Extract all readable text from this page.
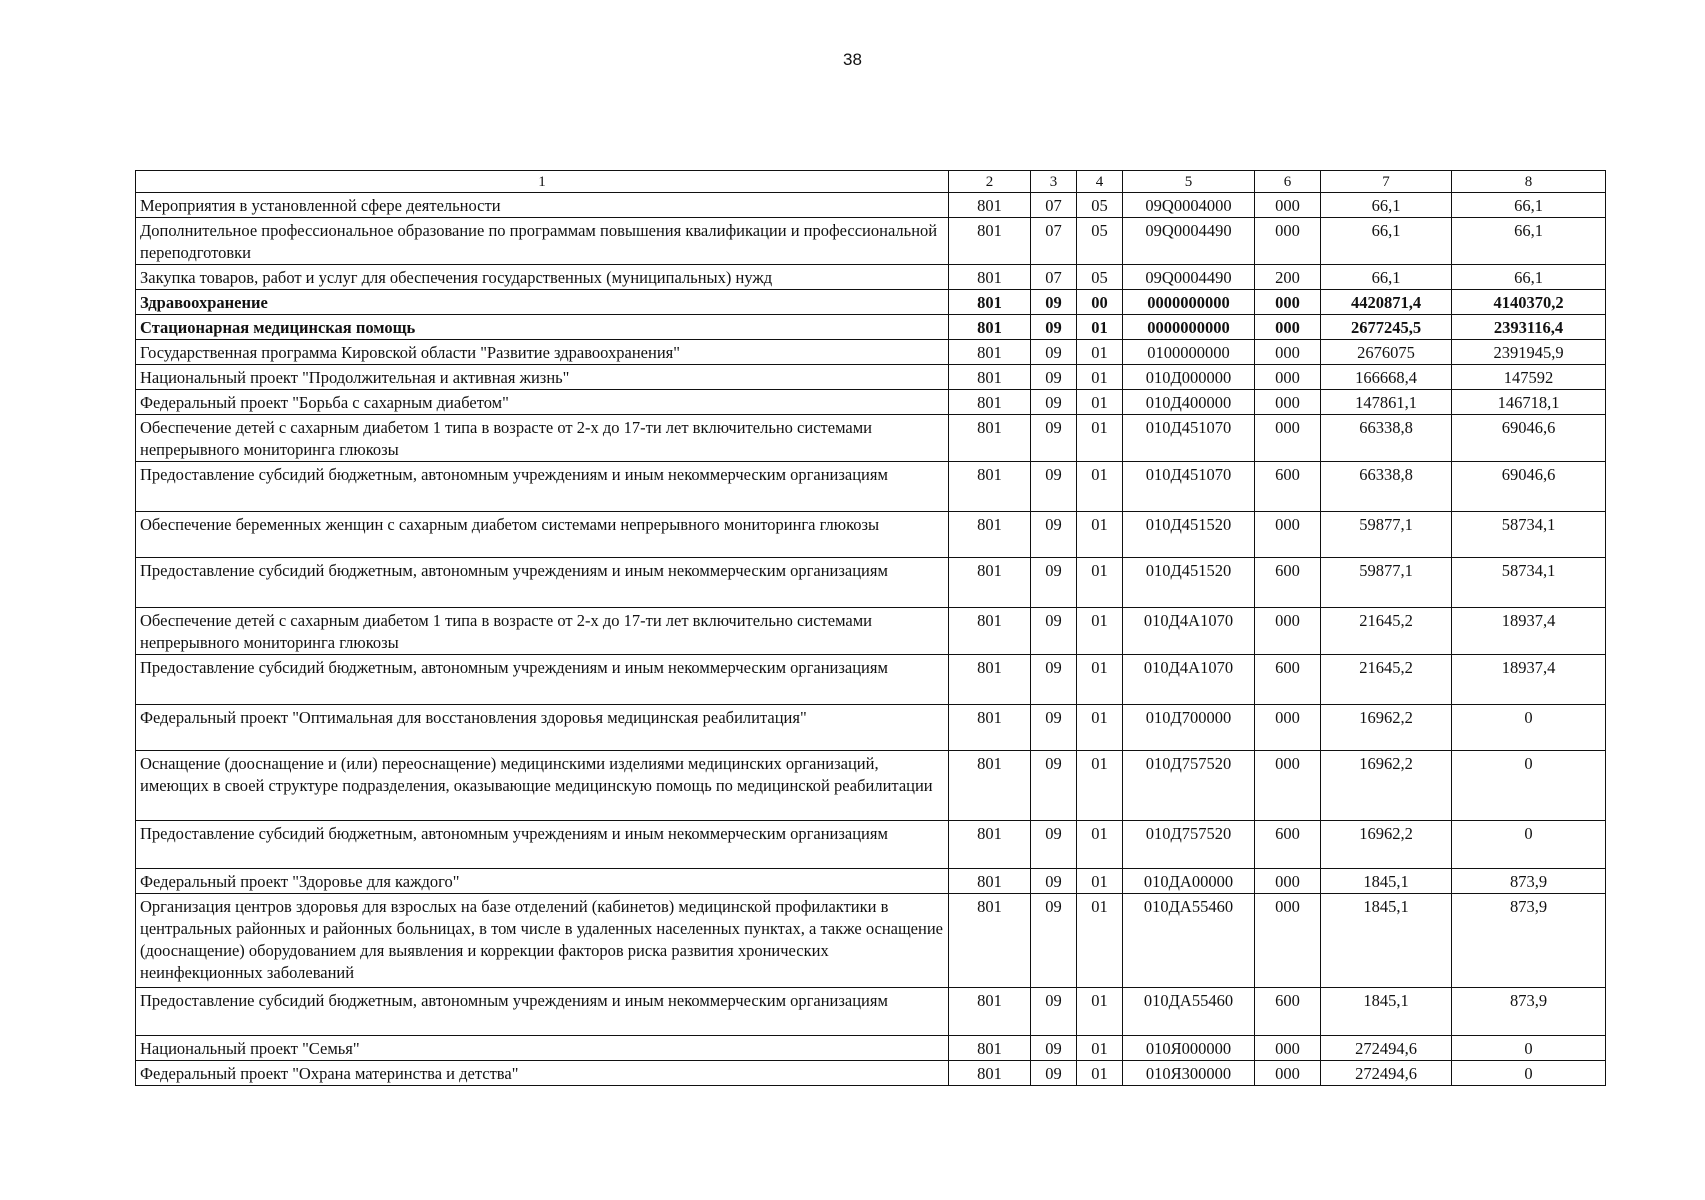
38
1	2	3	4	5	6	7	8
Мероприятия в установленной сфере деятельности	801	07	05	09Q0004000	000	66,1	66,1
Дополнительное профессиональное образование по программам повышения квалификации и профессиональной переподготовки	801	07	05	09Q0004490	000	66,1	66,1
Закупка товаров, работ и услуг для обеспечения государственных (муниципальных) нужд	801	07	05	09Q0004490	200	66,1	66,1
Здравоохранение	801	09	00	0000000000	000	4420871,4	4140370,2
Стационарная медицинская помощь	801	09	01	0000000000	000	2677245,5	2393116,4
Государственная программа Кировской области "Развитие здравоохранения"	801	09	01	0100000000	000	2676075	2391945,9
Национальный проект "Продолжительная и активная жизнь"	801	09	01	010Д000000	000	166668,4	147592
Федеральный проект "Борьба с сахарным диабетом"	801	09	01	010Д400000	000	147861,1	146718,1
Обеспечение детей с сахарным диабетом 1 типа в возрасте от 2-х до 17-ти лет включительно системами непрерывного мониторинга глюкозы	801	09	01	010Д451070	000	66338,8	69046,6
Предоставление субсидий бюджетным, автономным учреждениям и иным некоммерческим организациям	801	09	01	010Д451070	600	66338,8	69046,6
Обеспечение беременных женщин с сахарным диабетом системами непрерывного мониторинга глюкозы	801	09	01	010Д451520	000	59877,1	58734,1
Предоставление субсидий бюджетным, автономным учреждениям и иным некоммерческим организациям	801	09	01	010Д451520	600	59877,1	58734,1
Обеспечение детей с сахарным диабетом 1 типа в возрасте от 2-х до 17-ти лет включительно системами непрерывного мониторинга глюкозы	801	09	01	010Д4А1070	000	21645,2	18937,4
Предоставление субсидий бюджетным, автономным учреждениям и иным некоммерческим организациям	801	09	01	010Д4А1070	600	21645,2	18937,4
Федеральный проект "Оптимальная для восстановления здоровья медицинская реабилитация"	801	09	01	010Д700000	000	16962,2	0
Оснащение (дооснащение и (или) переоснащение) медицинскими изделиями медицинских организаций, имеющих в своей структуре подразделения, оказывающие медицинскую помощь по медицинской реабилитации	801	09	01	010Д757520	000	16962,2	0
Предоставление субсидий бюджетным, автономным учреждениям и иным некоммерческим организациям	801	09	01	010Д757520	600	16962,2	0
Федеральный проект "Здоровье для каждого"	801	09	01	010ДА00000	000	1845,1	873,9
Организация центров здоровья для взрослых на базе отделений (кабинетов) медицинской профилактики в центральных районных и районных больницах, в том числе в удаленных населенных пунктах, а также оснащение (дооснащение) оборудованием для выявления и коррекции факторов риска развития хронических неинфекционных заболеваний	801	09	01	010ДА55460	000	1845,1	873,9
Предоставление субсидий бюджетным, автономным учреждениям и иным некоммерческим организациям	801	09	01	010ДА55460	600	1845,1	873,9
Национальный проект "Семья"	801	09	01	010Я000000	000	272494,6	0
Федеральный проект "Охрана материнства и детства"	801	09	01	010Я300000	000	272494,6	0
